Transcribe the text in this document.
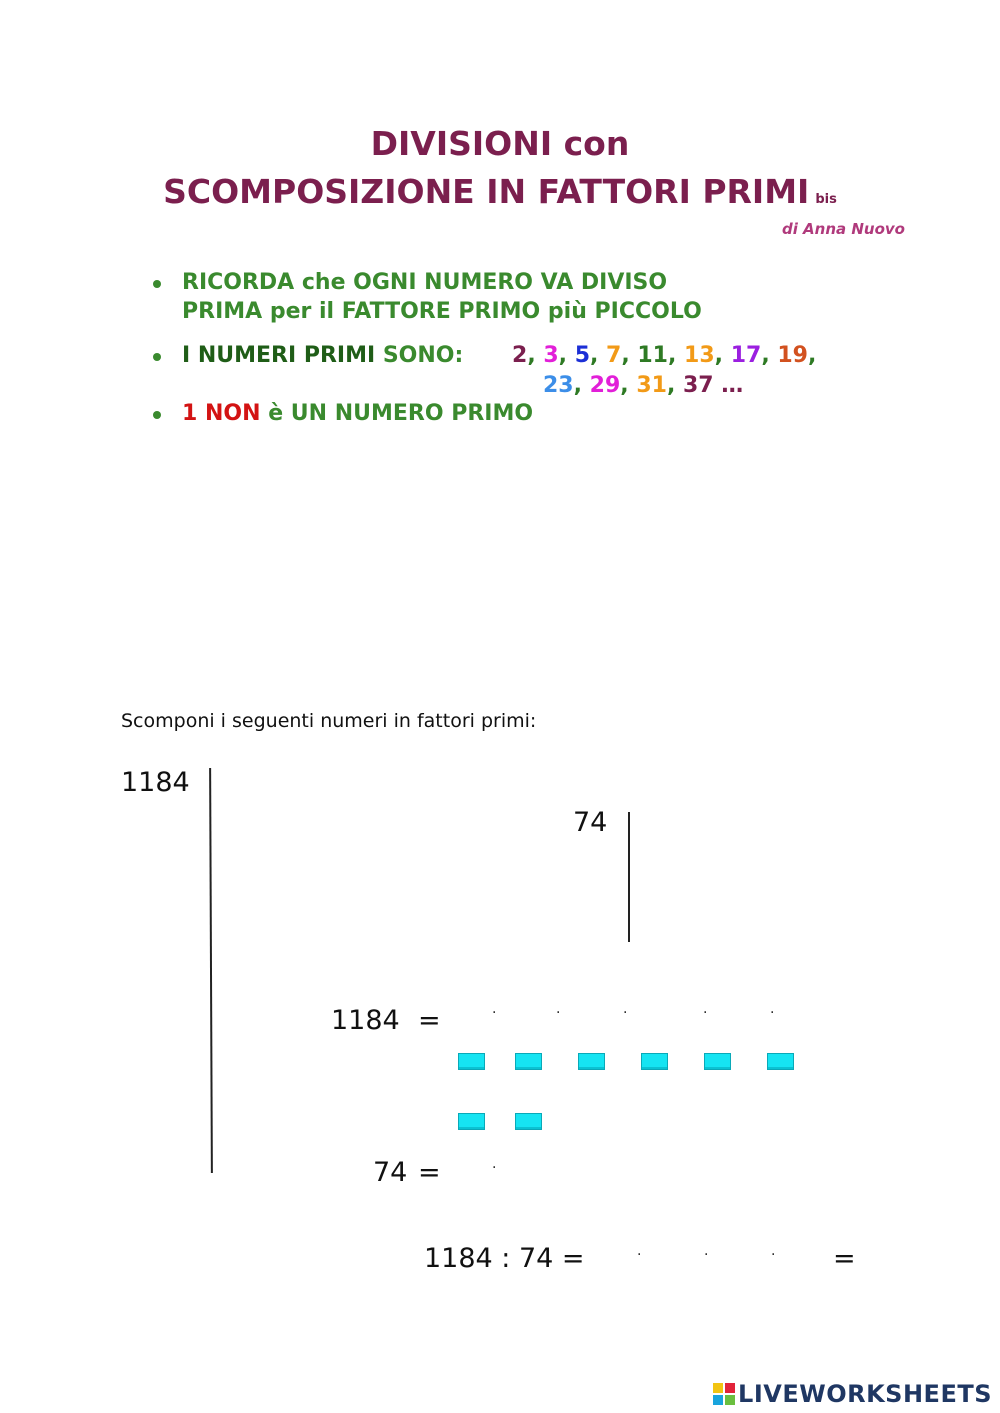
DIVISIONI con
SCOMPOSIZIONE IN FATTORI PRIMI bis
di Anna Nuovo
RICORDA che OGNI NUMERO VA DIVISO
PRIMA per il FATTORE PRIMO più PICCOLO
I NUMERI PRIMI SONO: 2, 3, 5, 7, 11, 13, 17, 19,
23, 29, 31, 37 …
1 NON è UN NUMERO PRIMO
Scomponi i seguenti numeri in fattori primi:
1184
74
1184 =	·	·	·	·	·
74 =	·
1184 : 74 =	·	·	· =
LIVEWORKSHEETS
